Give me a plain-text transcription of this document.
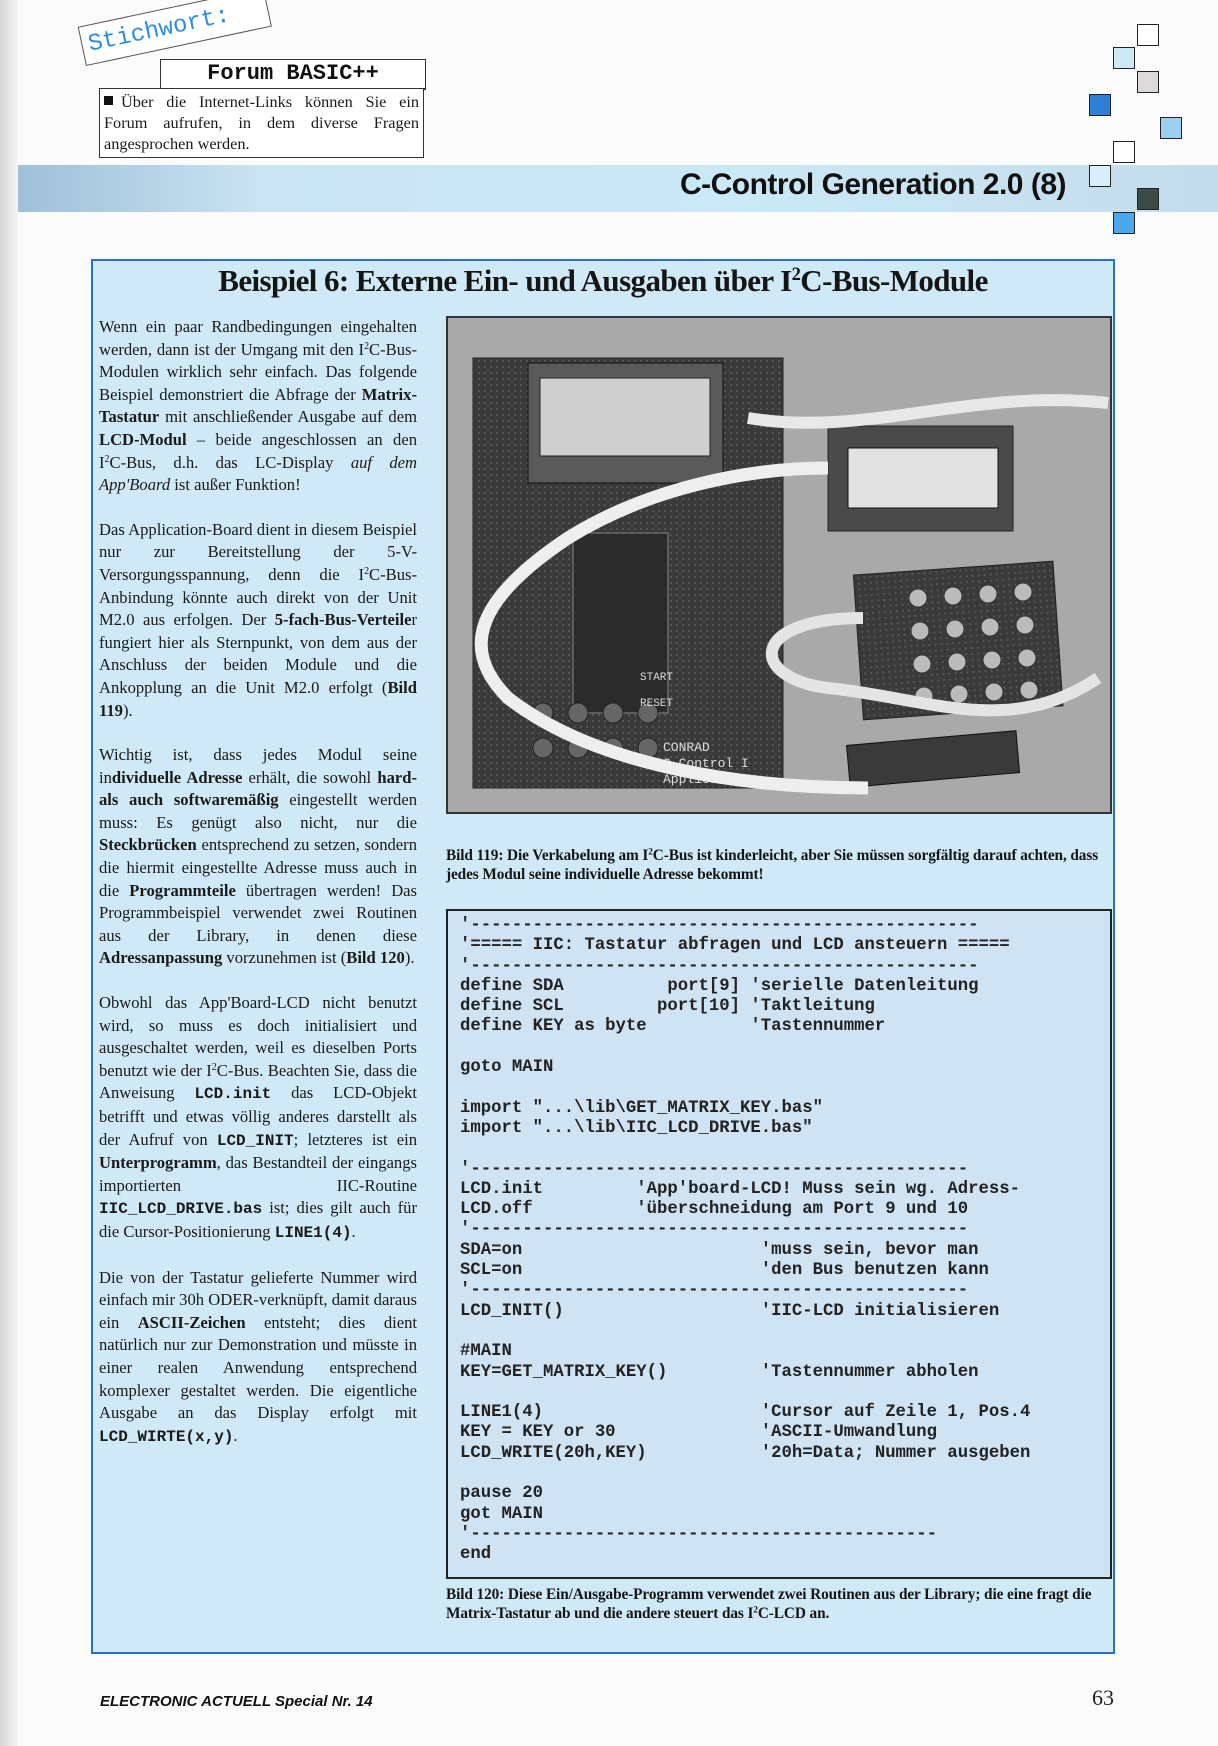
Stichwort:
Forum BASIC++
Über die Internet-Links können Sie ein Forum aufrufen, in dem diverse Fragen angesprochen werden.
C-Control Generation 2.0 (8)
Beispiel 6: Externe Ein- und Ausgaben über $I^2C-Bus$-Module

Wenn ein paar Randbedingungen eingehalten werden, dann ist der Umgang mit den $I^2C-Bus$-Modulen wirklich sehr einfach. Das folgende Beispiel demonstriert die Abfrage der Matrix-Tastatur mit anschließender Ausgabe auf dem LCD-Modul – beide angeschlossen an den $I^2C$-Bus, d.h. das LC-Display auf dem App'Board ist außer Funktion!

Das Application-Board dient in diesem Beispiel nur zur Bereitstellung der 5-V-Versorgungsspannung, denn die $I^2C-Bus$-Anbindung könnte auch direkt von der Unit M2.0 aus erfolgen. Der 5-fach-Bus-Verteiler fungiert hier als Sternpunkt, von dem aus der Anschluss der beiden Module und die Ankopplung an die Unit M2.0 erfolgt (Bild 119).

Wichtig ist, dass jedes Modul seine individuelle Adresse erhält, die sowohl hard- als auch softwaremäßig eingestellt werden muss: Es genügt also nicht, nur die Steckbrücken entsprechend zu setzen, sondern die hiermit eingestellte Adresse muss auch in die Programmteile übertragen werden! Das Programmbeispiel verwendet zwei Routinen aus der Library, in denen diese Adressanpassung vorzunehmen ist (Bild 120).

Obwohl das App'Board-LCD nicht benutzt wird, so muss es doch initialisiert und ausgeschaltet werden, weil es dieselben Ports benutzt wie der $I^2C$-Bus. Beachten Sie, dass die Anweisung LCD.init das LCD-Objekt betrifft und etwas völlig anderes darstellt als der Aufruf von LCD_INIT; letzteres ist ein Unterprogramm, das Bestandteil der eingangs importierten IIC-Routine IIC_LCD_DRIVE.bas ist; dies gilt auch für die Cursor-Positionierung LINE1(4).

Die von der Tastatur gelieferte Nummer wird einfach mir 30h ODER-verknüpft, damit daraus ein ASCII-Zeichen entsteht; dies dient natürlich nur zur Demonstration und müsste in einer realen Anwendung entsprechend komplexer gestaltet werden. Die eigentliche Ausgabe an das Display erfolgt mit LCD_WIRTE(x,y).

CONRAD
C-Control I
Application
START
RESET
Bild 119: Die Verkabelung am $I^2C$-Bus ist kinderleicht, aber Sie müssen sorgfältig darauf achten, dass jedes Modul seine individuelle Adresse bekommt!
'-------------------------------------------------
'===== IIC: Tastatur abfragen und LCD ansteuern =====
'-------------------------------------------------
define SDA          port[9] 'serielle Datenleitung
define SCL         port[10] 'Taktleitung
define KEY as byte          'Tastennummer

goto MAIN

import "...\lib\GET_MATRIX_KEY.bas"
import "...\lib\IIC_LCD_DRIVE.bas"

'------------------------------------------------
LCD.init         'App'board-LCD! Muss sein wg. Adress-
LCD.off          'überschneidung am Port 9 und 10
'------------------------------------------------
SDA=on                       'muss sein, bevor man
SCL=on                       'den Bus benutzen kann
'------------------------------------------------
LCD_INIT()                   'IIC-LCD initialisieren

#MAIN
KEY=GET_MATRIX_KEY()         'Tastennummer abholen

LINE1(4)                     'Cursor auf Zeile 1, Pos.4
KEY = KEY or 30              'ASCII-Umwandlung
LCD_WRITE(20h,KEY)           '20h=Data; Nummer ausgeben

pause 20
got MAIN
'---------------------------------------------
end
Bild 120: Diese Ein/Ausgabe-Programm verwendet zwei Routinen aus der Library; die eine fragt die Matrix-Tastatur ab und die andere steuert das $I^2C$-LCD an.
ELECTRONIC ACTUELL Special Nr. 14	63
